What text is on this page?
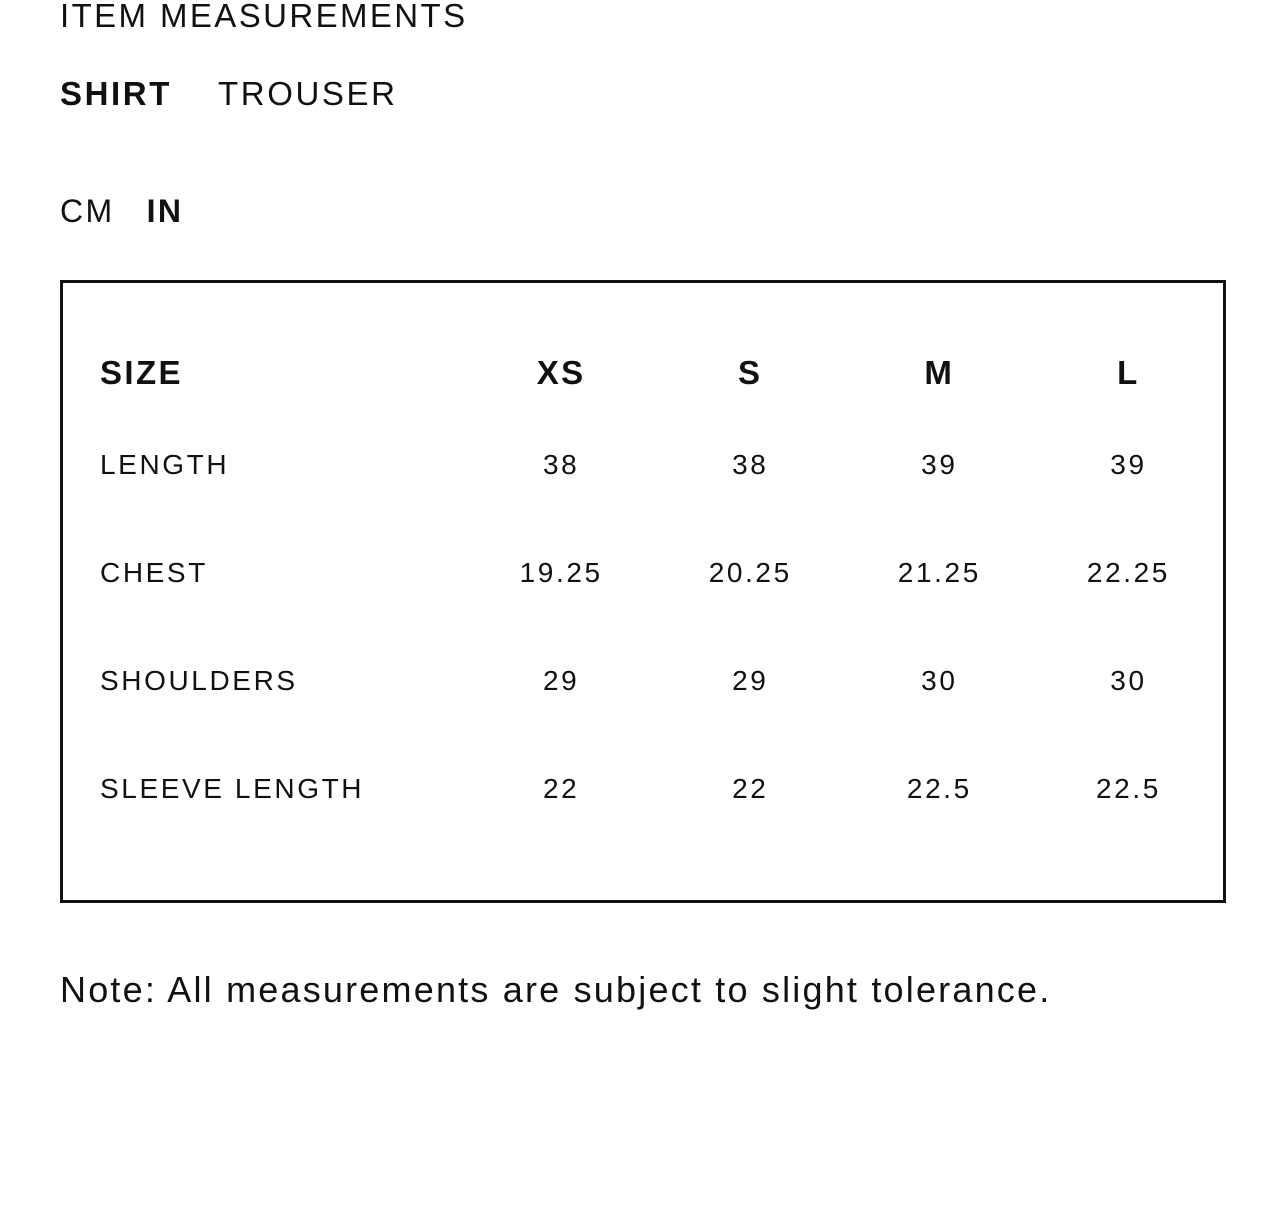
ITEM MEASUREMENTS
SHIRT TROUSER
CM IN
SIZE	XS	S	M	L
LENGTH	38	38	39	39
CHEST	19.25	20.25	21.25	22.25
SHOULDERS	29	29	30	30
SLEEVE LENGTH	22	22	22.5	22.5
Note: All measurements are subject to slight tolerance.
